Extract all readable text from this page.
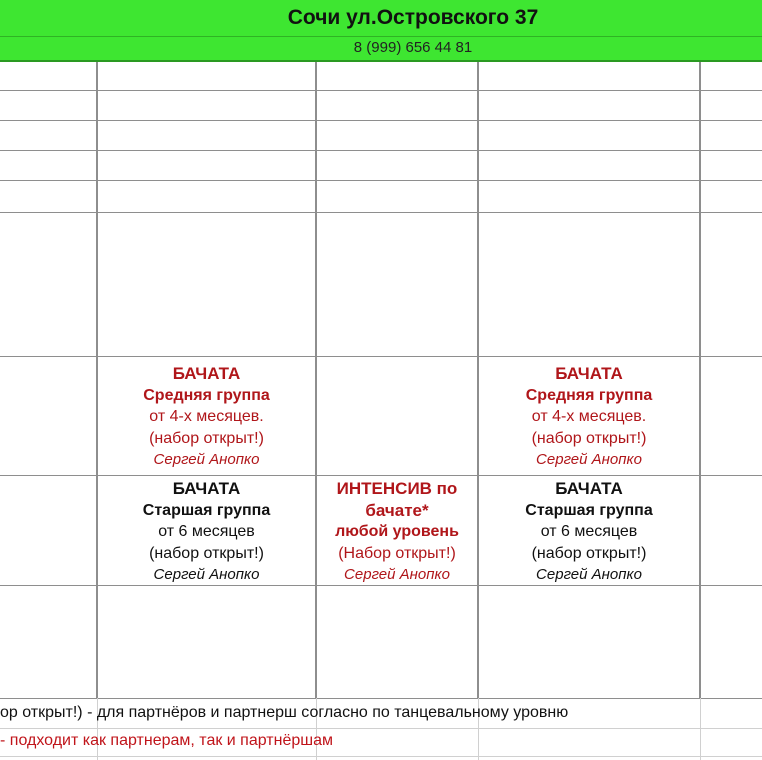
Сочи ул.Островского 37
8 (999) 656 44 81
БАЧАТА
Средняя группа
от 4-х месяцев.
(набор открыт!)
Сергей Анопко
БАЧАТА
Средняя группа
от 4-х месяцев.
(набор открыт!)
Сергей Анопко
БАЧАТА
Старшая группа
от 6 месяцев
(набор открыт!)
Сергей Анопко
ИНТЕНСИВ по
бачате*
любой уровень
(Набор открыт!)
Сергей Анопко
БАЧАТА
Старшая группа
от 6 месяцев
(набор открыт!)
Сергей Анопко
ор открыт!) - для партнёров и партнерш согласно по танцевальному уровню
- подходит как партнерам, так и партнёршам
